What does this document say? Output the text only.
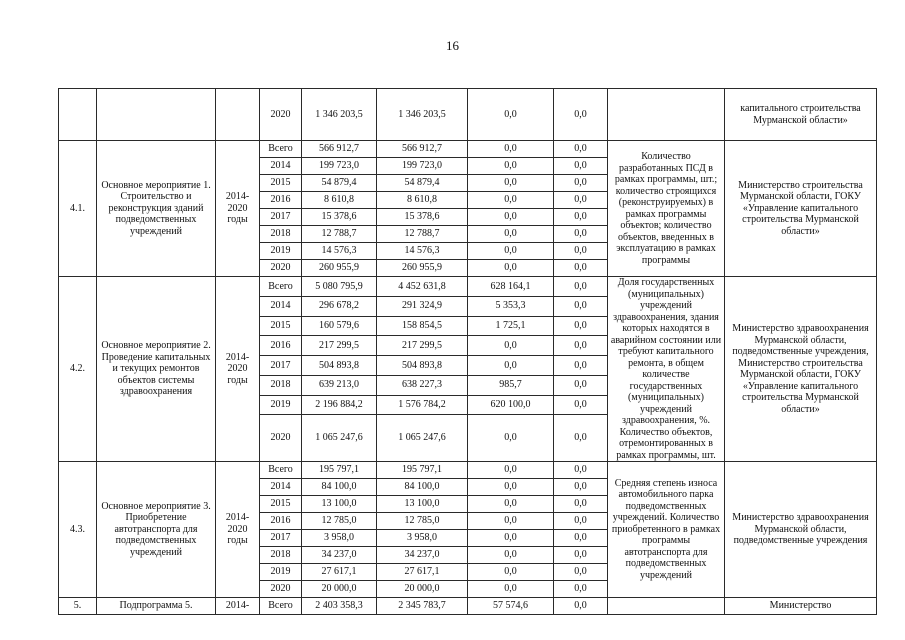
16
			2020	1 346 203,5	1 346 203,5	0,0	0,0		капитального строительства Мурманской области»
4.1.	Основное мероприятие 1. Строительство и реконструкция зданий подведомственных учреждений	2014-2020 годы	Всего	566 912,7	566 912,7	0,0	0,0	Количество разработанных ПСД в рамках программы, шт.; количество строящихся (реконструируемых) в рамках программы объектов; количество объектов, введенных в эксплуатацию в рамках программы	Министерство строительства Мурманской области, ГОКУ «Управление капитального строительства Мурманской области»
			2014	199 723,0	199 723,0	0,0	0,0		
			2015	54 879,4	54 879,4	0,0	0,0		
			2016	8 610,8	8 610,8	0,0	0,0		
			2017	15 378,6	15 378,6	0,0	0,0		
			2018	12 788,7	12 788,7	0,0	0,0		
			2019	14 576,3	14 576,3	0,0	0,0		
			2020	260 955,9	260 955,9	0,0	0,0		
4.2.	Основное мероприятие 2. Проведение капитальных и текущих ремонтов объектов системы здравоохранения	2014-2020 годы	Всего	5 080 795,9	4 452 631,8	628 164,1	0,0	Доля государственных (муниципальных) учреждений здравоохранения, здания которых находятся в аварийном состоянии или требуют капитального ремонта, в общем количестве государственных (муниципальных) учреждений здравоохранения, %. Количество объектов, отремонтированных в рамках программы, шт.	Министерство здравоохранения Мурманской области, подведомственные учреждения, Министерство строительства Мурманской области, ГОКУ «Управление капитального строительства Мурманской области»
			2014	296 678,2	291 324,9	5 353,3	0,0		
			2015	160 579,6	158 854,5	1 725,1	0,0		
			2016	217 299,5	217 299,5	0,0	0,0		
			2017	504 893,8	504 893,8	0,0	0,0		
			2018	639 213,0	638 227,3	985,7	0,0		
			2019	2 196 884,2	1 576 784,2	620 100,0	0,0		
			2020	1 065 247,6	1 065 247,6	0,0	0,0		
4.3.	Основное мероприятие 3. Приобретение автотранспорта для подведомственных учреждений	2014-2020 годы	Всего	195 797,1	195 797,1	0,0	0,0	Средняя степень износа автомобильного парка подведомственных учреждений. Количество приобретенного в рамках программы автотранспорта для подведомственных учреждений	Министерство здравоохранения Мурманской области, подведомственные учреждения
			2014	84 100,0	84 100,0	0,0	0,0		
			2015	13 100,0	13 100,0	0,0	0,0		
			2016	12 785,0	12 785,0	0,0	0,0		
			2017	3 958,0	3 958,0	0,0	0,0		
			2018	34 237,0	34 237,0	0,0	0,0		
			2019	27 617,1	27 617,1	0,0	0,0		
			2020	20 000,0	20 000,0	0,0	0,0		
5.	Подпрограмма 5.	2014-	Всего	2 403 358,3	2 345 783,7	57 574,6	0,0		Министерство
